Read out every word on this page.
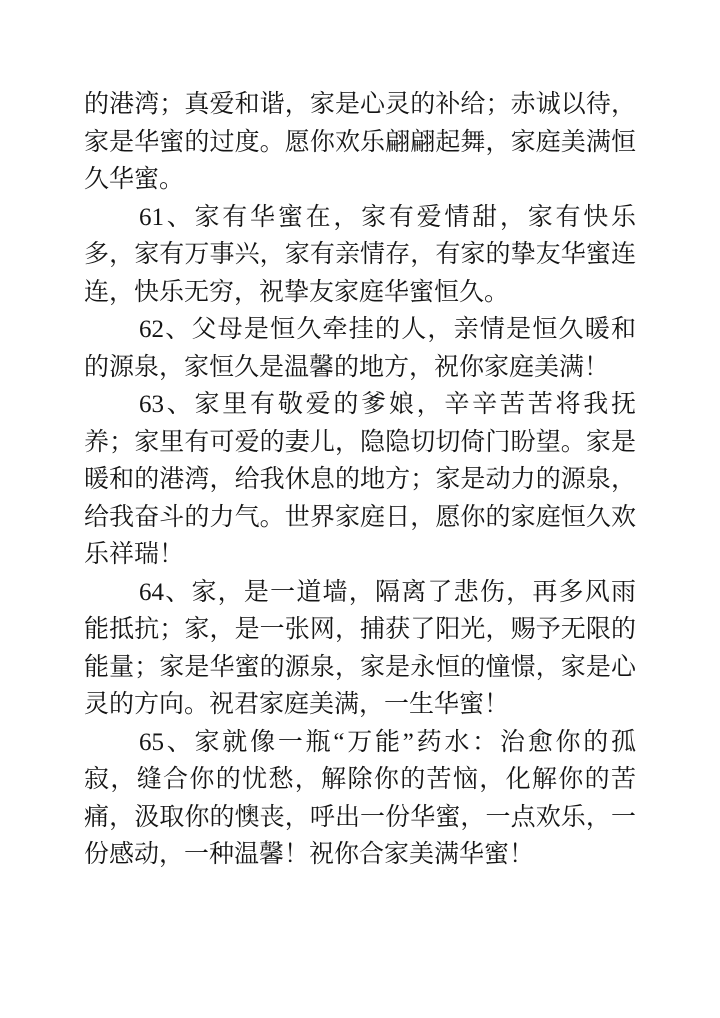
的港湾；真爱和谐，家是心灵的补给；赤诚以待，家是华蜜的过度。愿你欢乐翩翩起舞，家庭美满恒久华蜜。

61、家有华蜜在，家有爱情甜，家有快乐多，家有万事兴，家有亲情存，有家的挚友华蜜连连，快乐无穷，祝挚友家庭华蜜恒久。

62、父母是恒久牵挂的人，亲情是恒久暖和的源泉，家恒久是温馨的地方，祝你家庭美满！

63、家里有敬爱的爹娘，辛辛苦苦将我抚养；家里有可爱的妻儿，隐隐切切倚门盼望。家是暖和的港湾，给我休息的地方；家是动力的源泉，给我奋斗的力气。世界家庭日，愿你的家庭恒久欢乐祥瑞！

64、家，是一道墙，隔离了悲伤，再多风雨能抵抗；家，是一张网，捕获了阳光，赐予无限的能量；家是华蜜的源泉，家是永恒的憧憬，家是心灵的方向。祝君家庭美满，一生华蜜！

65、家就像一瓶“万能”药水：治愈你的孤寂，缝合你的忧愁，解除你的苦恼，化解你的苦痛，汲取你的懊丧，呼出一份华蜜，一点欢乐，一份感动，一种温馨！祝你合家美满华蜜！
